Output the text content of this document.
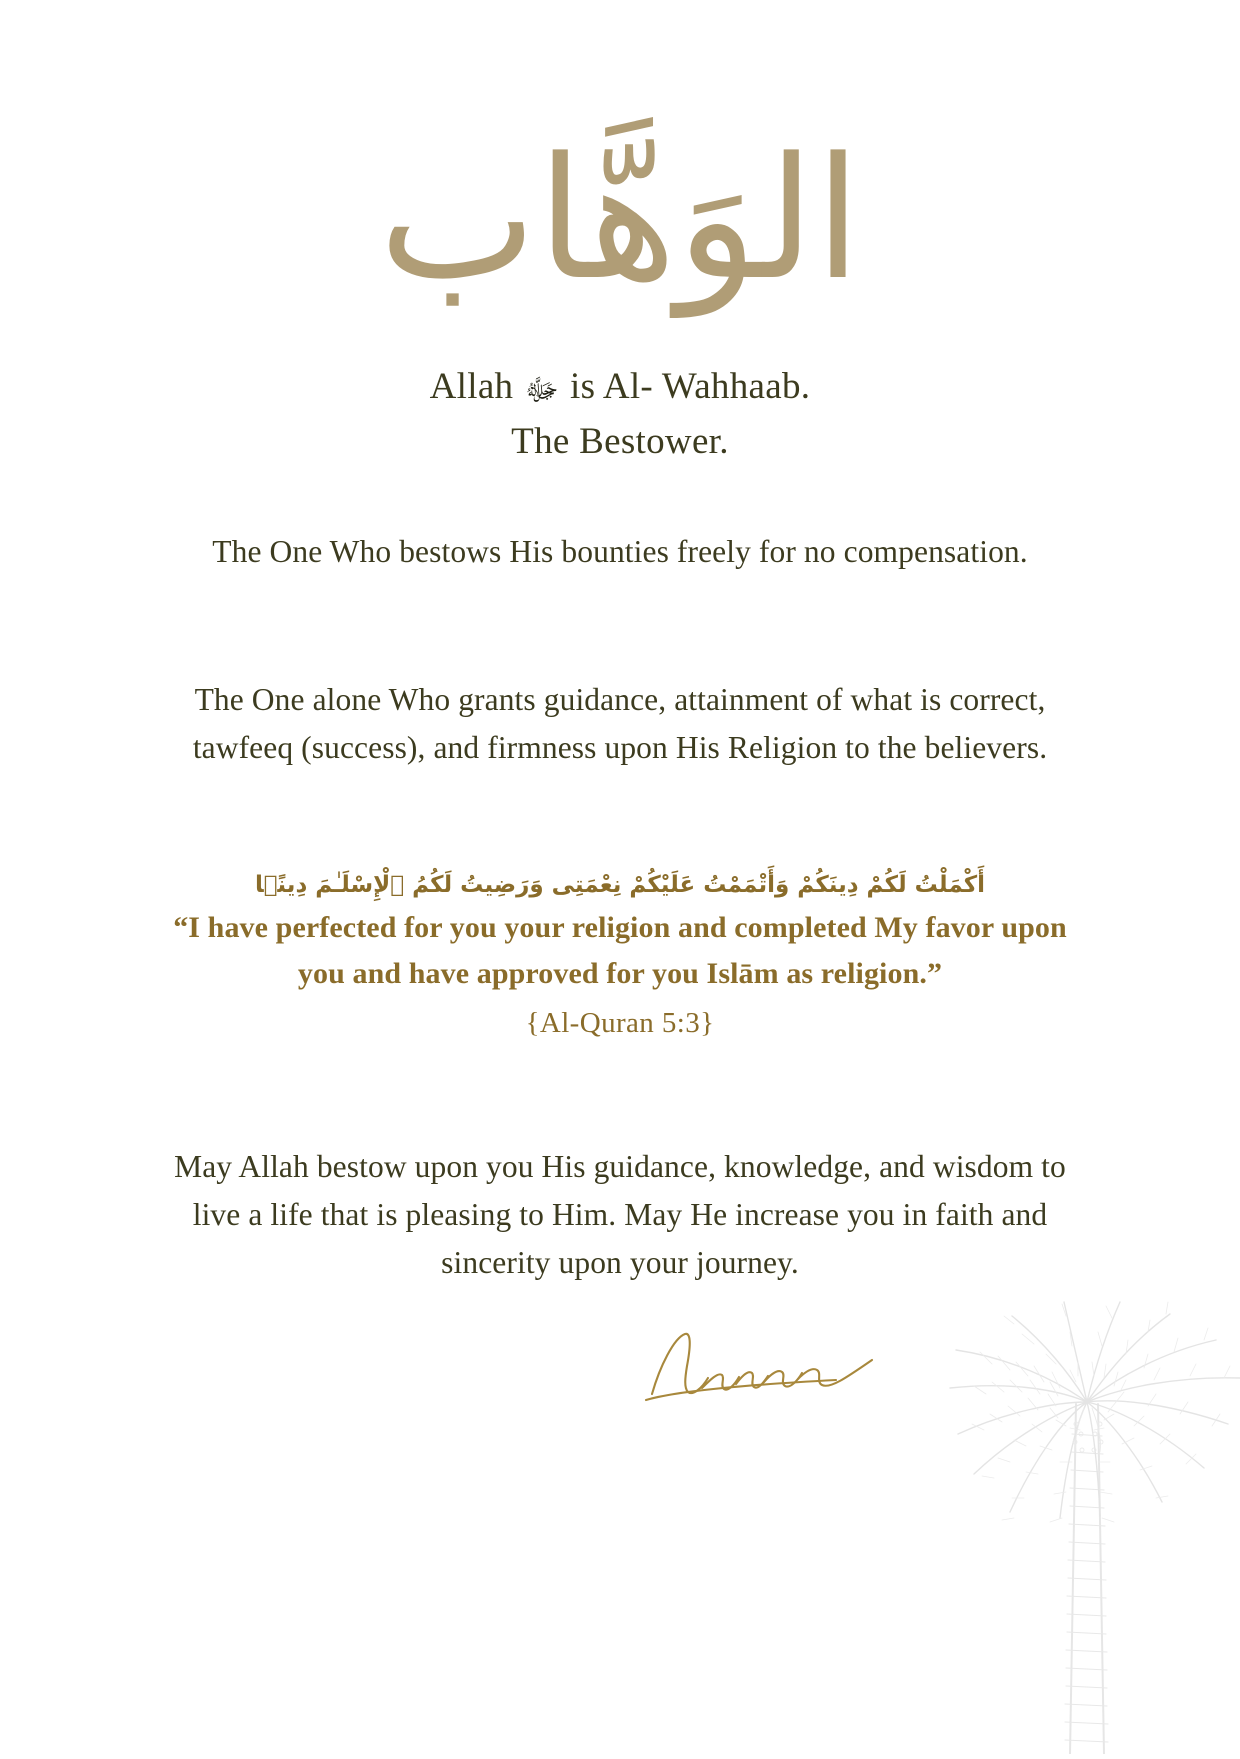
الوَهَّاب
Allah ﷻ is Al- Wahhaab.
The Bestower.
The One Who bestows His bounties freely for no compensation.
The One alone Who grants guidance, attainment of what is correct, tawfeeq (success), and firmness upon His Religion to the believers.
أَكْمَلْتُ لَكُمْ دِينَكُمْ وَأَتْمَمْتُ عَلَيْكُمْ نِعْمَتِى وَرَضِيتُ لَكُمُ ٱلْإِسْلَـٰمَ دِينًۭا
“I have perfected for you your religion and completed My favor upon you and have approved for you Islām as religion.”
{Al-Quran 5:3}
May Allah bestow upon you His guidance, knowledge, and wisdom to live a life that is pleasing to Him. May He increase you in faith and sincerity upon your journey.
